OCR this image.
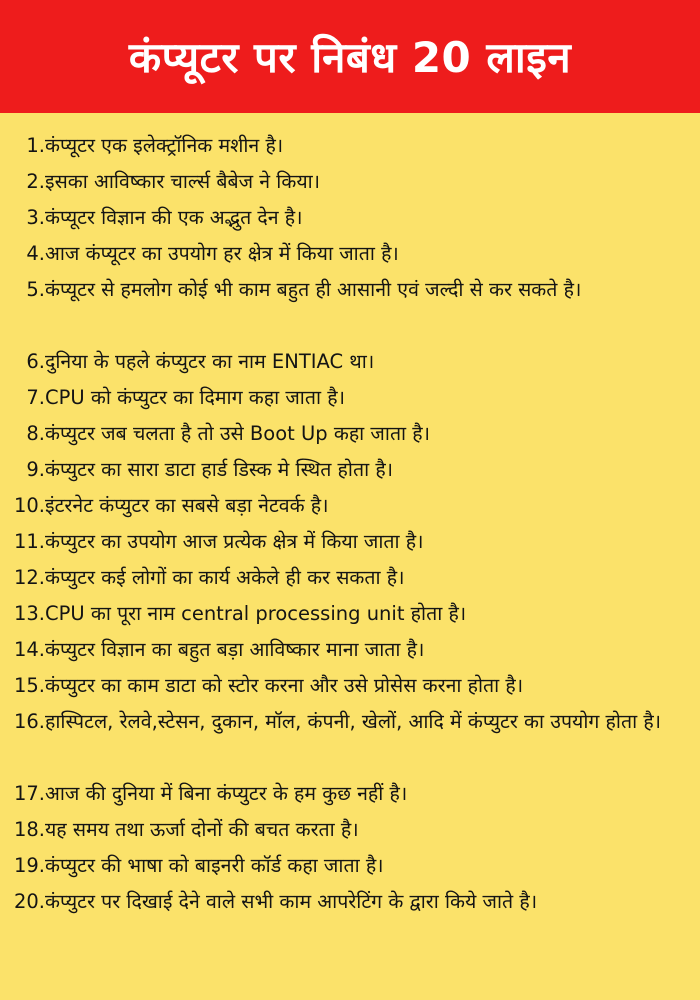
कंप्यूटर पर निबंध 20 लाइन
1. कंप्यूटर एक इलेक्ट्रॉनिक मशीन है।
2. इसका आविष्कार चार्ल्स बैबेज ने किया।
3. कंप्यूटर विज्ञान की एक अद्भुत देन है।
4. आज कंप्यूटर का उपयोग हर क्षेत्र में किया जाता है।
5. कंप्यूटर से हमलोग कोई भी काम बहुत ही आसानी एवं जल्दी से कर सकते है।
6. दुनिया के पहले कंप्युटर का नाम ENTIAC था।
7. CPU को कंप्युटर का दिमाग कहा जाता है।
8. कंप्युटर जब चलता है तो उसे Boot Up कहा जाता है।
9. कंप्युटर का सारा डाटा हार्ड डिस्क मे स्थित होता है।
10. इंटरनेट कंप्युटर का सबसे बड़ा नेटवर्क है।
11. कंप्युटर का उपयोग आज प्रत्येक क्षेत्र में किया जाता है।
12. कंप्युटर कई लोगों का कार्य अकेले ही कर सकता है।
13. CPU का पूरा नाम central processing unit होता है।
14. कंप्युटर विज्ञान का बहुत बड़ा आविष्कार माना जाता है।
15. कंप्युटर का काम डाटा को स्टोर करना और उसे प्रोसेस करना होता है।
16. हास्पिटल, रेलवे,स्टेसन, दुकान, मॉल, कंपनी, खेलों, आदि में कंप्युटर का उपयोग होता है।
17. आज की दुनिया में बिना कंप्युटर के हम कुछ नहीं है।
18. यह समय तथा ऊर्जा दोनों की बचत करता है।
19. कंप्युटर की भाषा को बाइनरी कॉर्ड कहा जाता है।
20. कंप्युटर पर दिखाई देने वाले सभी काम आपरेटिंग के द्वारा किये जाते है।
